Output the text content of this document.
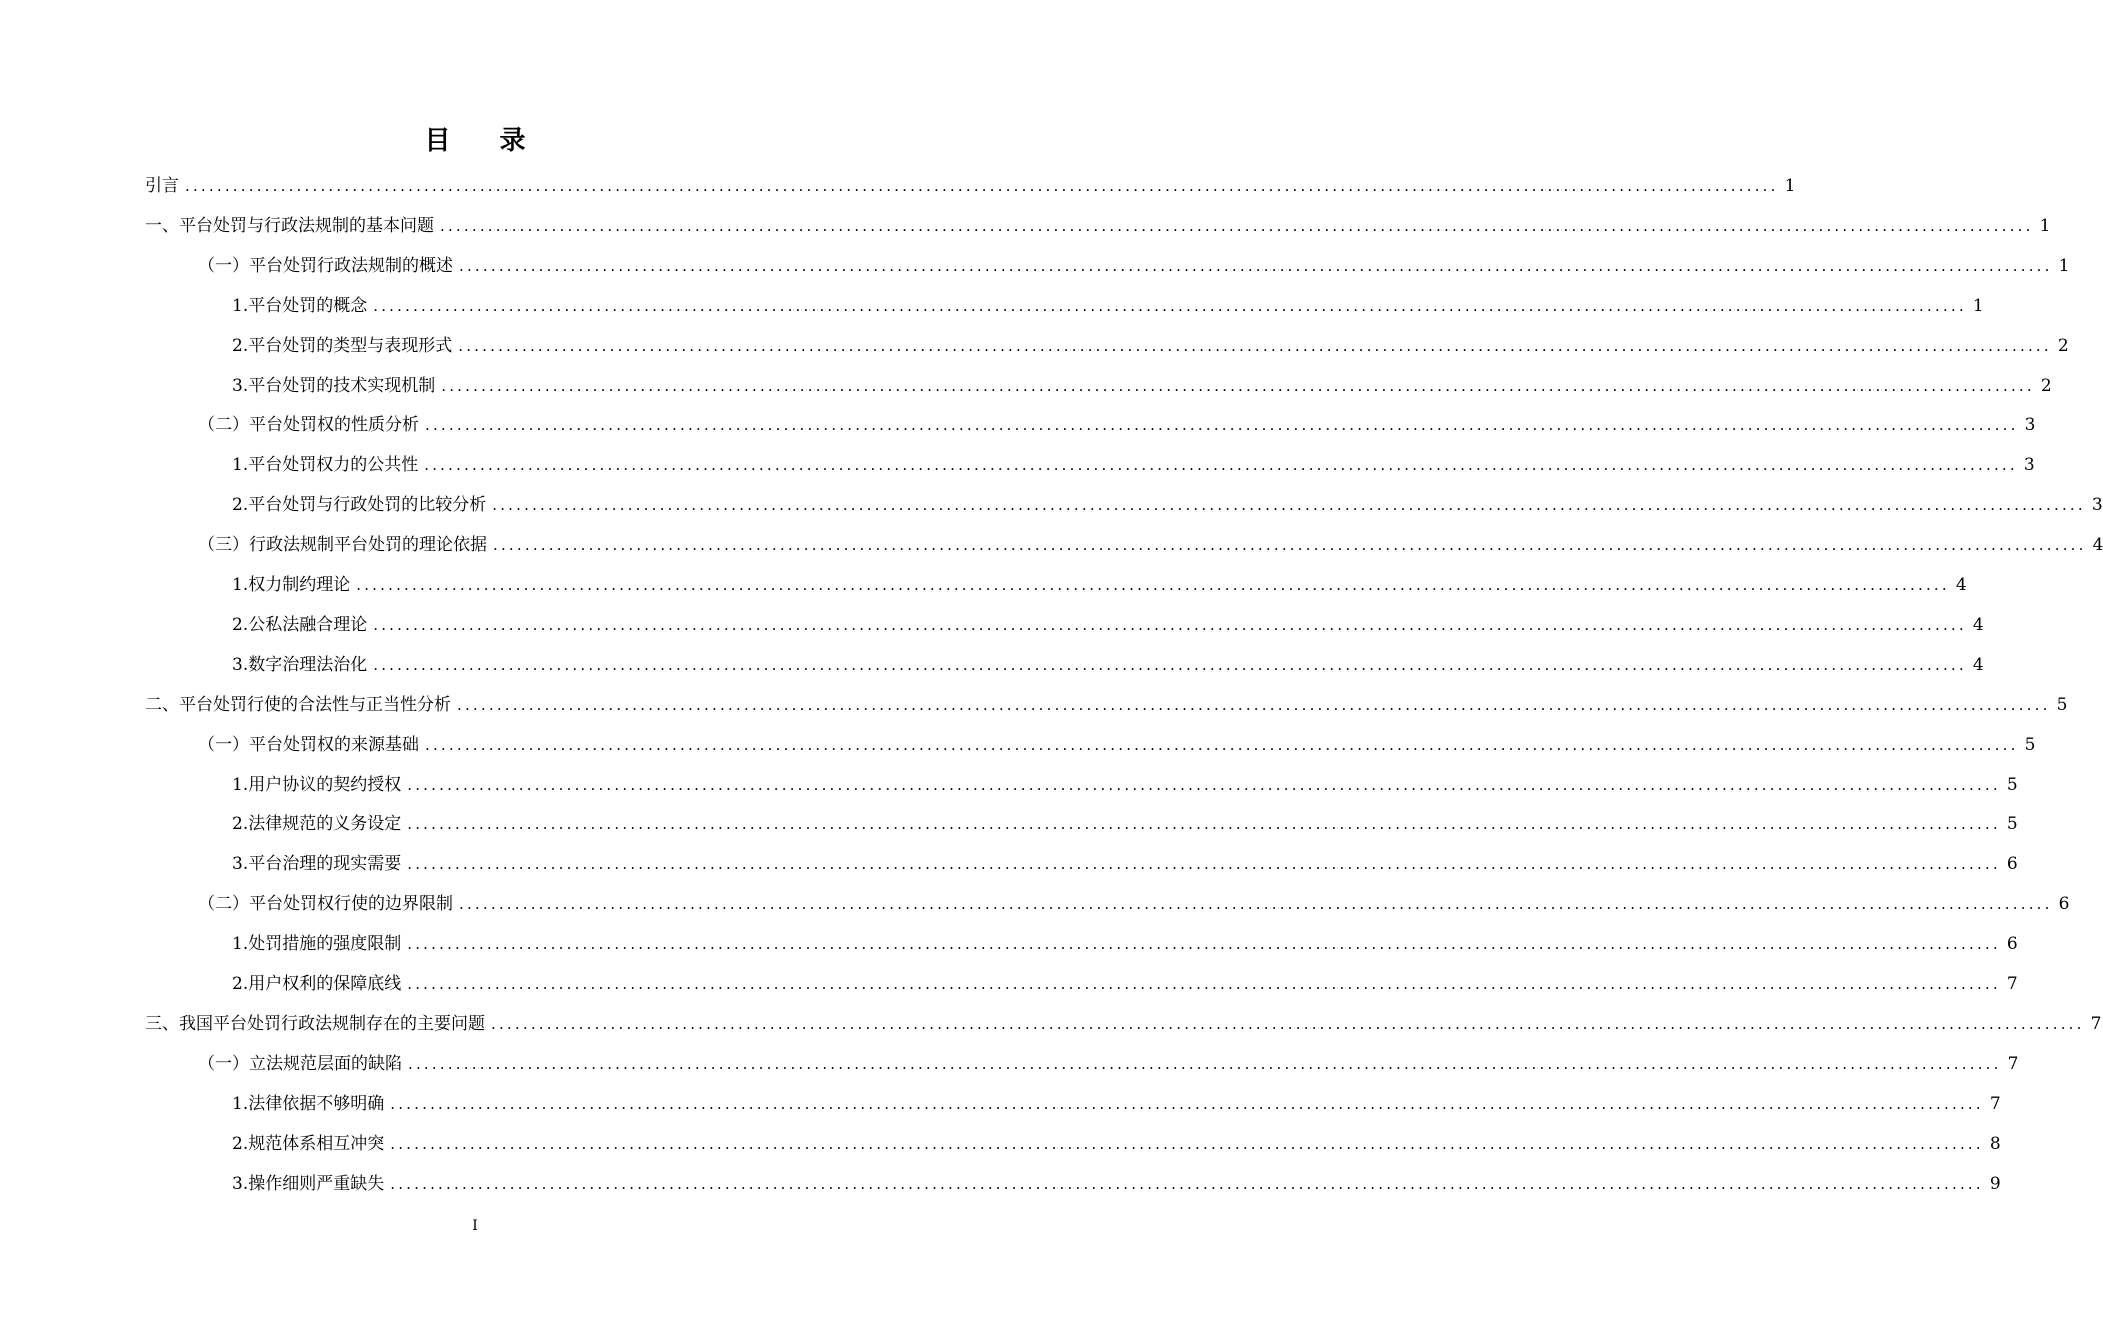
目 录
引言 ........................................................................................................................................................................................................ 1
一、平台处罚与行政法规制的基本问题 ........................................................................................................................................................................................................ 1
（一）平台处罚行政法规制的概述 ........................................................................................................................................................................................................ 1
1.平台处罚的概念 ........................................................................................................................................................................................................ 1
2.平台处罚的类型与表现形式 ........................................................................................................................................................................................................ 2
3.平台处罚的技术实现机制 ........................................................................................................................................................................................................ 2
（二）平台处罚权的性质分析 ........................................................................................................................................................................................................ 3
1.平台处罚权力的公共性 ........................................................................................................................................................................................................ 3
2.平台处罚与行政处罚的比较分析 ........................................................................................................................................................................................................ 3
（三）行政法规制平台处罚的理论依据 ........................................................................................................................................................................................................ 4
1.权力制约理论 ........................................................................................................................................................................................................ 4
2.公私法融合理论 ........................................................................................................................................................................................................ 4
3.数字治理法治化 ........................................................................................................................................................................................................ 4
二、平台处罚行使的合法性与正当性分析 ........................................................................................................................................................................................................ 5
（一）平台处罚权的来源基础 ........................................................................................................................................................................................................ 5
1.用户协议的契约授权 ........................................................................................................................................................................................................ 5
2.法律规范的义务设定 ........................................................................................................................................................................................................ 5
3.平台治理的现实需要 ........................................................................................................................................................................................................ 6
（二）平台处罚权行使的边界限制 ........................................................................................................................................................................................................ 6
1.处罚措施的强度限制 ........................................................................................................................................................................................................ 6
2.用户权利的保障底线 ........................................................................................................................................................................................................ 7
三、我国平台处罚行政法规制存在的主要问题 ........................................................................................................................................................................................................ 7
（一）立法规范层面的缺陷 ........................................................................................................................................................................................................ 7
1.法律依据不够明确 ........................................................................................................................................................................................................ 7
2.规范体系相互冲突 ........................................................................................................................................................................................................ 8
3.操作细则严重缺失 ........................................................................................................................................................................................................ 9
I
